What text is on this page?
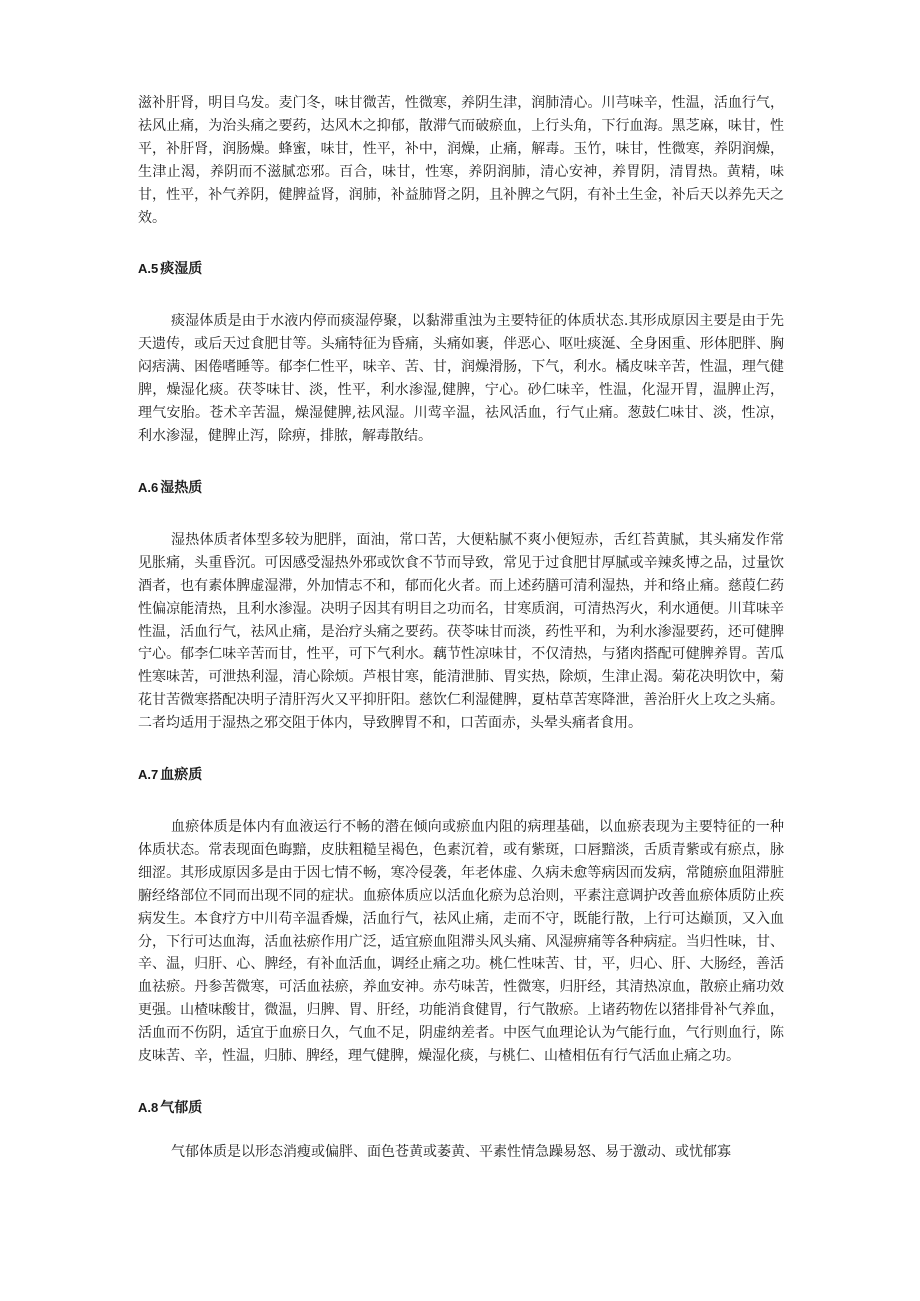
滋补肝肾，明目乌发。麦门冬，味甘微苦，性微寒，养阴生津，润肺清心。川芎味辛，性温，活血行气，祛风止痛，为治头痛之要药，达风木之抑郁，散滞气而破瘀血，上行头角，下行血海。黑芝麻，味甘，性平，补肝肾，润肠燥。蜂蜜，味甘，性平，补中，润燥，止痛，解毒。玉竹，味甘，性微寒，养阴润燥，生津止渴，养阴而不滋腻恋邪。百合，味甘，性寒，养阴润肺，清心安神，养胃阴，清胃热。黄精，味甘，性平，补气养阴，健脾益肾，润肺，补益肺肾之阴，且补脾之气阴，有补土生金，补后天以养先天之效。

A.5 痰湿质

痰湿体质是由于水液内停而痰湿停聚，以黏滞重浊为主要特征的体质状态.其形成原因主要是由于先天遗传，或后天过食肥甘等。头痛特征为昏痛，头痛如裹，伴恶心、呕吐痰涎、全身困重、形体肥胖、胸闷痞满、困倦嗜睡等。郁李仁性平，味辛、苦、甘，润燥滑肠，下气，利水。橘皮味辛苦，性温，理气健脾，燥湿化痰。茯苓味甘、淡，性平，利水渗湿,健脾，宁心。砂仁味辛，性温，化湿开胃，温脾止泻，理气安胎。苍术辛苦温，燥湿健脾,祛风湿。川莺辛温，祛风活血，行气止痛。葱鼓仁味甘、淡，性凉，利水渗湿，健脾止泻，除痹，排脓，解毒散结。

A.6 湿热质

湿热体质者体型多较为肥胖，面油，常口苦，大便粘腻不爽小便短赤，舌红苔黄腻，其头痛发作常见胀痛，头重昏沉。可因感受湿热外邪或饮食不节而导致，常见于过食肥甘厚腻或辛辣炙博之品，过量饮酒者，也有素体脾虚湿滞，外加情志不和，郁而化火者。而上述药膳可清利湿热，并和络止痛。慈葭仁药性偏凉能清热，且利水渗湿。决明子因其有明目之功而名，甘寒质润，可清热泻火，利水通便。川茸味辛性温，活血行气，祛风止痛，是治疗头痛之要药。茯苓味甘而淡，药性平和，为利水渗湿要药，还可健脾宁心。郁李仁味辛苦而甘，性平，可下气利水。藕节性凉味甘，不仅清热，与猪肉搭配可健脾养胃。苦瓜性寒味苦，可泄热利湿，清心除烦。芦根甘寒，能清泄肺、胃实热，除烦，生津止渴。菊花决明饮中，菊花甘苦微寒搭配决明子清肝泻火又平抑肝阳。慈饮仁利湿健脾，夏枯草苦寒降泄，善治肝火上攻之头痛。二者均适用于湿热之邪交阻于体内，导致脾胃不和，口苦面赤，头晕头痛者食用。

A.7 血瘀质

血瘀体质是体内有血液运行不畅的潜在倾向或瘀血内阻的病理基础，以血瘀表现为主要特征的一种体质状态。常表现面色晦黯，皮肤粗糙呈褐色，色素沉着，或有紫斑，口唇黯淡，舌质青紫或有瘀点，脉细涩。其形成原因多是由于因七情不畅，寒冷侵袭，年老体虚、久病未愈等病因而发病，常随瘀血阻滞脏腑经络部位不同而出现不同的症状。血瘀体质应以活血化瘀为总治则，平素注意调护改善血瘀体质防止疾病发生。本食疗方中川苟辛温香燥，活血行气，祛风止痛，走而不守，既能行散，上行可达巅顶，又入血分，下行可达血海，活血祛瘀作用广泛，适宜瘀血阻滞头风头痛、风湿痹痛等各种病症。当归性味，甘、辛、温，归肝、心、脾经，有补血活血，调经止痛之功。桃仁性味苦、甘，平，归心、肝、大肠经，善活血祛瘀。丹参苦微寒，可活血祛瘀，养血安神。赤芍味苦，性微寒，归肝经，其清热凉血，散瘀止痛功效更强。山楂味酸甘，微温，归脾、胃、肝经，功能消食健胃，行气散瘀。上诸药物佐以猪排骨补气养血，活血而不伤阴，适宜于血瘀日久，气血不足，阴虚纳差者。中医气血理论认为气能行血，气行则血行，陈皮味苦、辛，性温，归肺、脾经，理气健脾，燥湿化痰，与桃仁、山楂相伍有行气活血止痛之功。

A.8 气郁质

气郁体质是以形态消瘦或偏胖、面色苍黄或萎黄、平素性情急躁易怒、易于激动、或忧郁寡
